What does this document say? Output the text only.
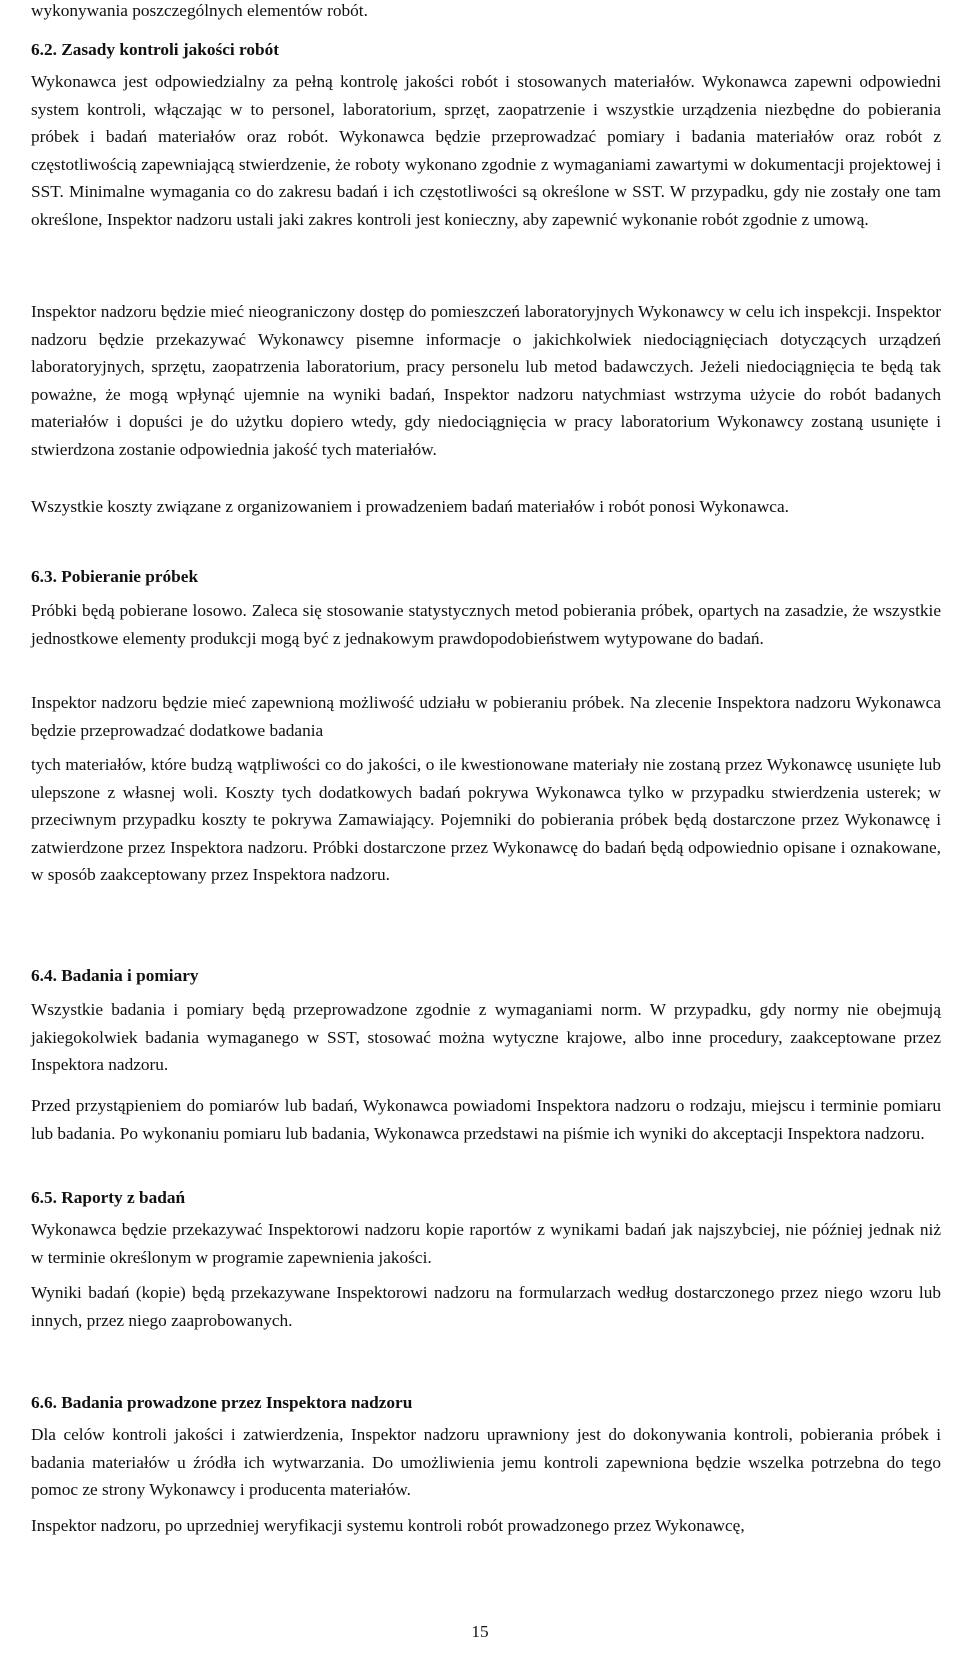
wykonywania poszczególnych elementów robót.

6.2. Zasady kontroli jakości robót

Wykonawca jest odpowiedzialny za pełną kontrolę jakości robót i stosowanych materiałów. Wykonawca zapewni odpowiedni system kontroli, włączając w to personel, laboratorium, sprzęt, zaopatrzenie i wszystkie urządzenia niezbędne do pobierania próbek i badań materiałów oraz robót. Wykonawca będzie przeprowadzać pomiary i badania materiałów oraz robót z częstotliwością zapewniającą stwierdzenie, że roboty wykonano zgodnie z wymaganiami zawartymi w dokumentacji projektowej i SST. Minimalne wymagania co do zakresu badań i ich częstotliwości są określone w SST. W przypadku, gdy nie zostały one tam określone, Inspektor nadzoru ustali jaki zakres kontroli jest konieczny, aby zapewnić wykonanie robót zgodnie z umową.

Inspektor nadzoru będzie mieć nieograniczony dostęp do pomieszczeń laboratoryjnych Wykonawcy w celu ich inspekcji. Inspektor nadzoru będzie przekazywać Wykonawcy pisemne informacje o jakichkolwiek niedociągnięciach dotyczących urządzeń laboratoryjnych, sprzętu, zaopatrzenia laboratorium, pracy personelu lub metod badawczych. Jeżeli niedociągnięcia te będą tak poważne, że mogą wpłynąć ujemnie na wyniki badań, Inspektor nadzoru natychmiast wstrzyma użycie do robót badanych materiałów i dopuści je do użytku dopiero wtedy, gdy niedociągnięcia w pracy laboratorium Wykonawcy zostaną usunięte i stwierdzona zostanie odpowiednia jakość tych materiałów.

Wszystkie koszty związane z organizowaniem i prowadzeniem badań materiałów i robót ponosi Wykonawca.

6.3. Pobieranie próbek

Próbki będą pobierane losowo. Zaleca się stosowanie statystycznych metod pobierania próbek, opartych na zasadzie, że wszystkie jednostkowe elementy produkcji mogą być z jednakowym prawdopodobieństwem wytypowane do badań.

Inspektor nadzoru będzie mieć zapewnioną możliwość udziału w pobieraniu próbek. Na zlecenie Inspektora nadzoru Wykonawca będzie przeprowadzać dodatkowe badania

tych materiałów, które budzą wątpliwości co do jakości, o ile kwestionowane materiały nie zostaną przez Wykonawcę usunięte lub ulepszone z własnej woli. Koszty tych dodatkowych badań pokrywa Wykonawca tylko w przypadku stwierdzenia usterek; w przeciwnym przypadku koszty te pokrywa Zamawiający. Pojemniki do pobierania próbek będą dostarczone przez Wykonawcę i zatwierdzone przez Inspektora nadzoru. Próbki dostarczone przez Wykonawcę do badań będą odpowiednio opisane i oznakowane, w sposób zaakceptowany przez Inspektora nadzoru.

6.4. Badania i pomiary

Wszystkie badania i pomiary będą przeprowadzone zgodnie z wymaganiami norm. W przypadku, gdy normy nie obejmują jakiegokolwiek badania wymaganego w SST, stosować można wytyczne krajowe, albo inne procedury, zaakceptowane przez Inspektora nadzoru.

Przed przystąpieniem do pomiarów lub badań, Wykonawca powiadomi Inspektora nadzoru o rodzaju, miejscu i terminie pomiaru lub badania. Po wykonaniu pomiaru lub badania, Wykonawca przedstawi na piśmie ich wyniki do akceptacji Inspektora nadzoru.

6.5. Raporty z badań

Wykonawca będzie przekazywać Inspektorowi nadzoru kopie raportów z wynikami badań jak najszybciej, nie później jednak niż w terminie określonym w programie zapewnienia jakości.

Wyniki badań (kopie) będą przekazywane Inspektorowi nadzoru na formularzach według dostarczonego przez niego wzoru lub innych, przez niego zaaprobowanych.

6.6. Badania prowadzone przez Inspektora nadzoru

Dla celów kontroli jakości i zatwierdzenia, Inspektor nadzoru uprawniony jest do dokonywania kontroli, pobierania próbek i badania materiałów u źródła ich wytwarzania. Do umożliwienia jemu kontroli zapewniona będzie wszelka potrzebna do tego pomoc ze strony Wykonawcy i producenta materiałów.

Inspektor nadzoru, po uprzedniej weryfikacji systemu kontroli robót prowadzonego przez Wykonawcę,

15
